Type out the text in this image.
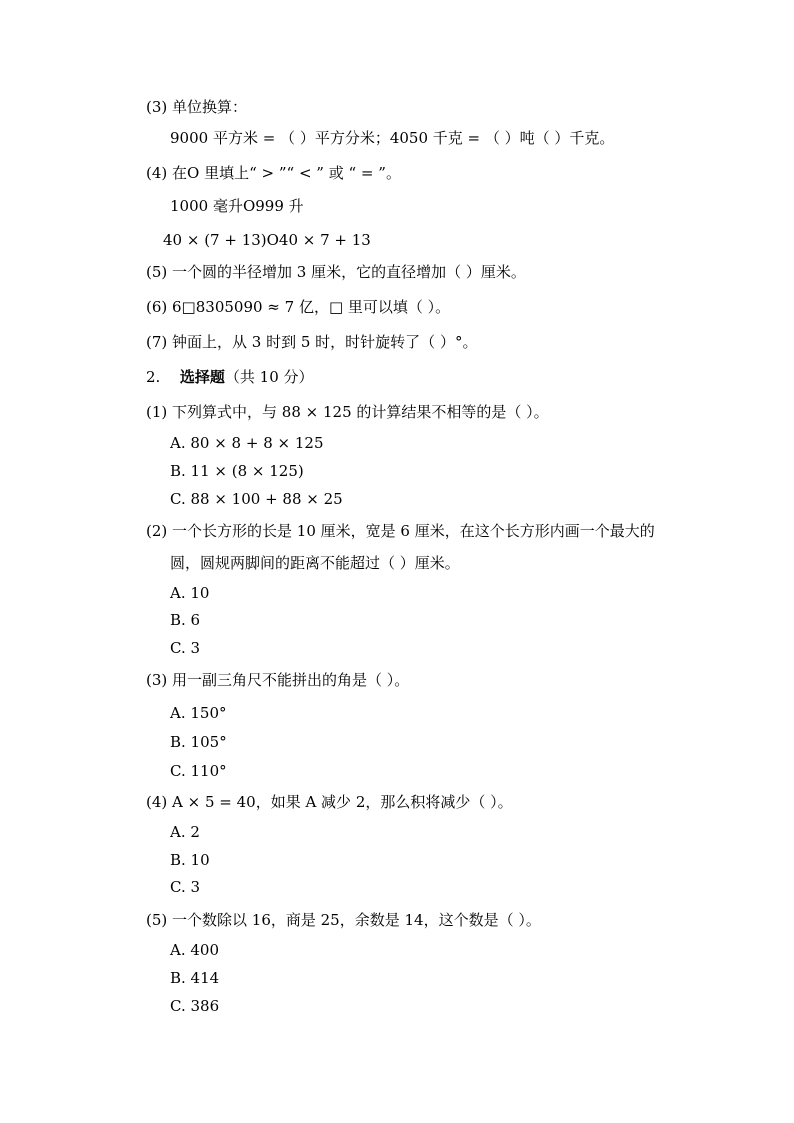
(3) 单位换算：
9000 平方米 = （ ）平方分米；4050 千克 = （ ）吨（ ）千克。
(4) 在O 里填上“ > ”“ < ” 或 “ = ”。
1000 毫升O999 升
40 × (7 + 13)O40 × 7 + 13
(5) 一个圆的半径增加 3 厘米，它的直径增加（ ）厘米。
(6) 6□8305090 ≈ 7 亿，□ 里可以填（ ）。
(7) 钟面上，从 3 时到 5 时，时针旋转了（ ）°。
2. 选择题（共 10 分）
(1) 下列算式中，与 88 × 125 的计算结果不相等的是（ ）。
A. 80 × 8 + 8 × 125
B. 11 × (8 × 125)
C. 88 × 100 + 88 × 25
(2) 一个长方形的长是 10 厘米，宽是 6 厘米，在这个长方形内画一个最大的
圆，圆规两脚间的距离不能超过（ ）厘米。
A. 10
B. 6
C. 3
(3) 用一副三角尺不能拼出的角是（ ）。
A. 150°
B. 105°
C. 110°
(4) A × 5 = 40，如果 A 减少 2，那么积将减少（ ）。
A. 2
B. 10
C. 3
(5) 一个数除以 16，商是 25，余数是 14，这个数是（ ）。
A. 400
B. 414
C. 386
